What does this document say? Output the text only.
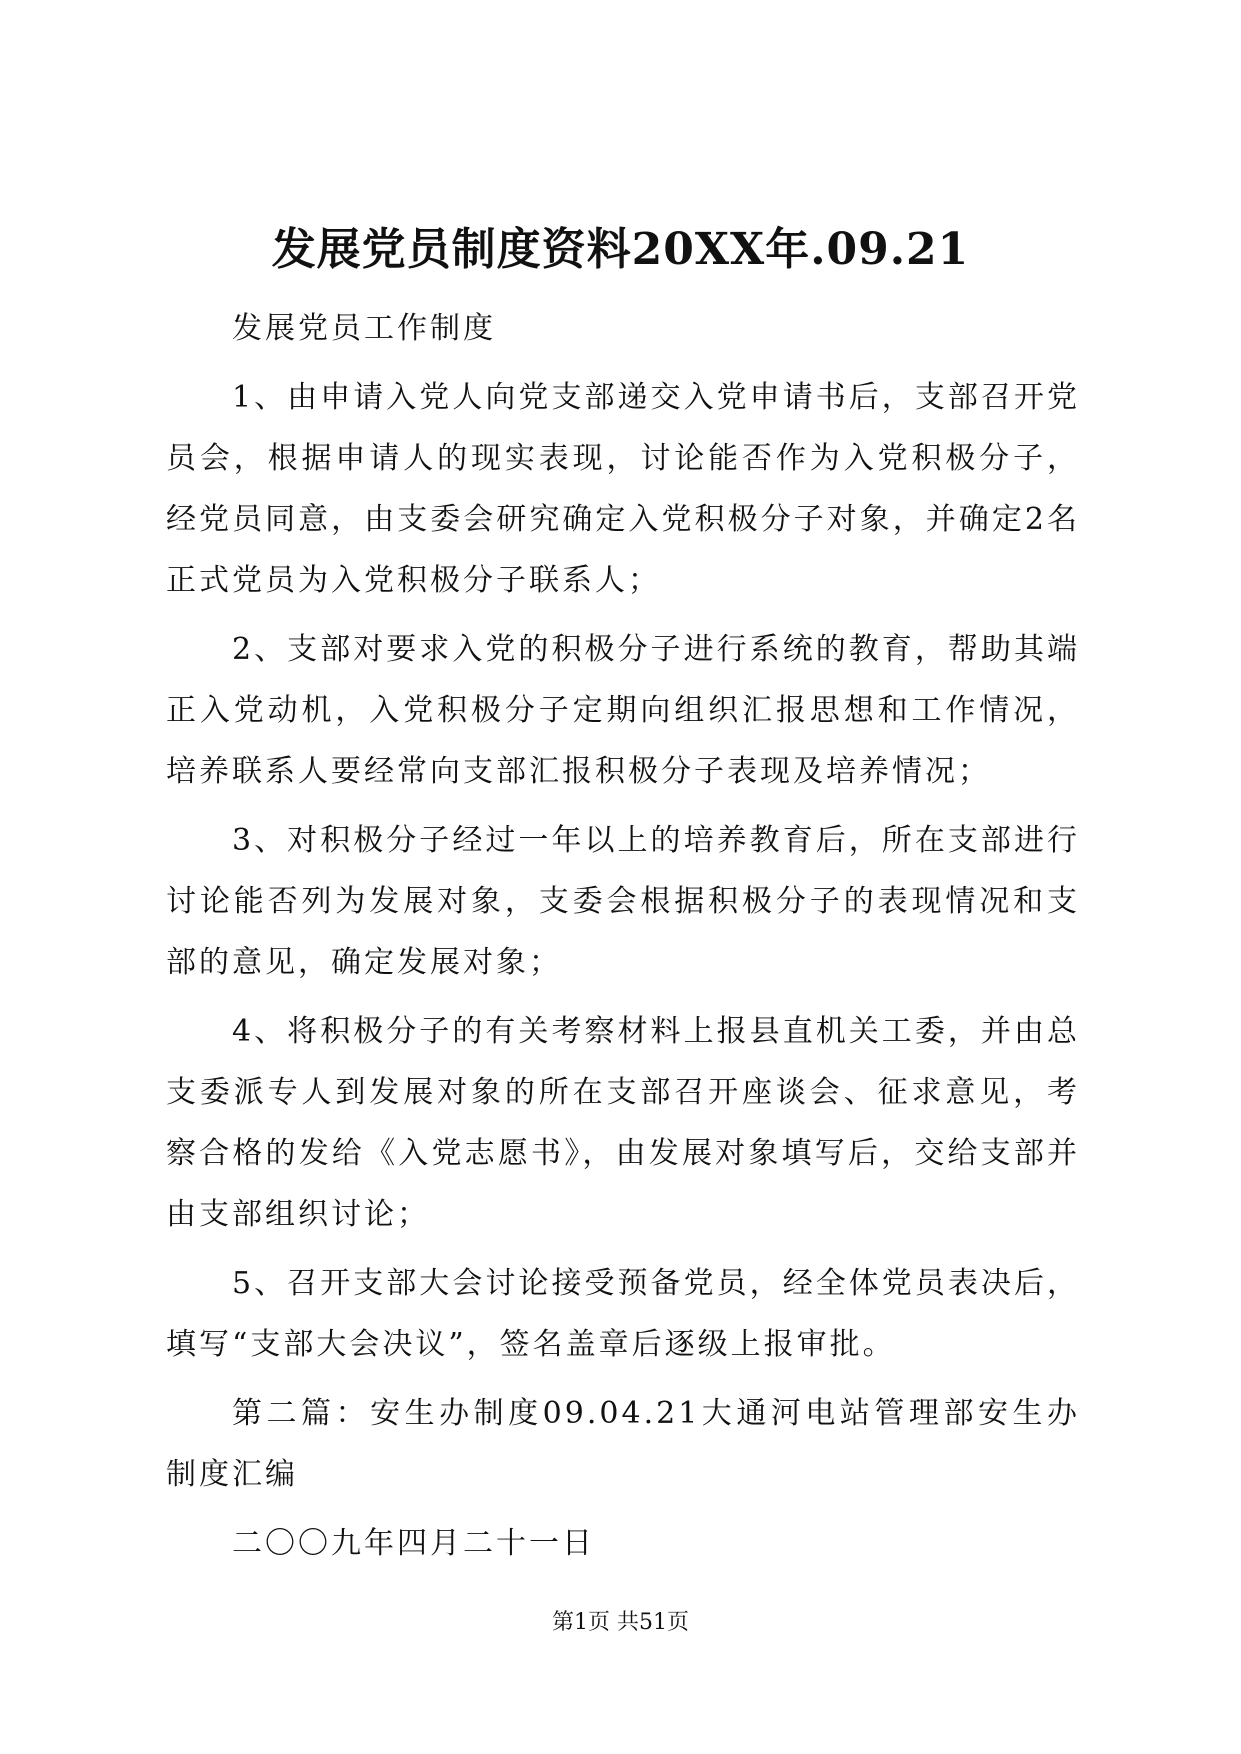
发展党员制度资料20XX年.09.21

发展党员工作制度

1、由申请入党人向党支部递交入党申请书后，支部召开党员会，根据申请人的现实表现，讨论能否作为入党积极分子，经党员同意，由支委会研究确定入党积极分子对象，并确定2名正式党员为入党积极分子联系人；

2、支部对要求入党的积极分子进行系统的教育，帮助其端正入党动机，入党积极分子定期向组织汇报思想和工作情况，培养联系人要经常向支部汇报积极分子表现及培养情况；

3、对积极分子经过一年以上的培养教育后，所在支部进行讨论能否列为发展对象，支委会根据积极分子的表现情况和支部的意见，确定发展对象；

4、将积极分子的有关考察材料上报县直机关工委，并由总支委派专人到发展对象的所在支部召开座谈会、征求意见，考察合格的发给《入党志愿书》，由发展对象填写后，交给支部并由支部组织讨论；

5、召开支部大会讨论接受预备党员，经全体党员表决后，填写“支部大会决议”，签名盖章后逐级上报审批。

第二篇：安生办制度09.04.21大通河电站管理部安生办制度汇编

二〇〇九年四月二十一日

第1页 共51页
